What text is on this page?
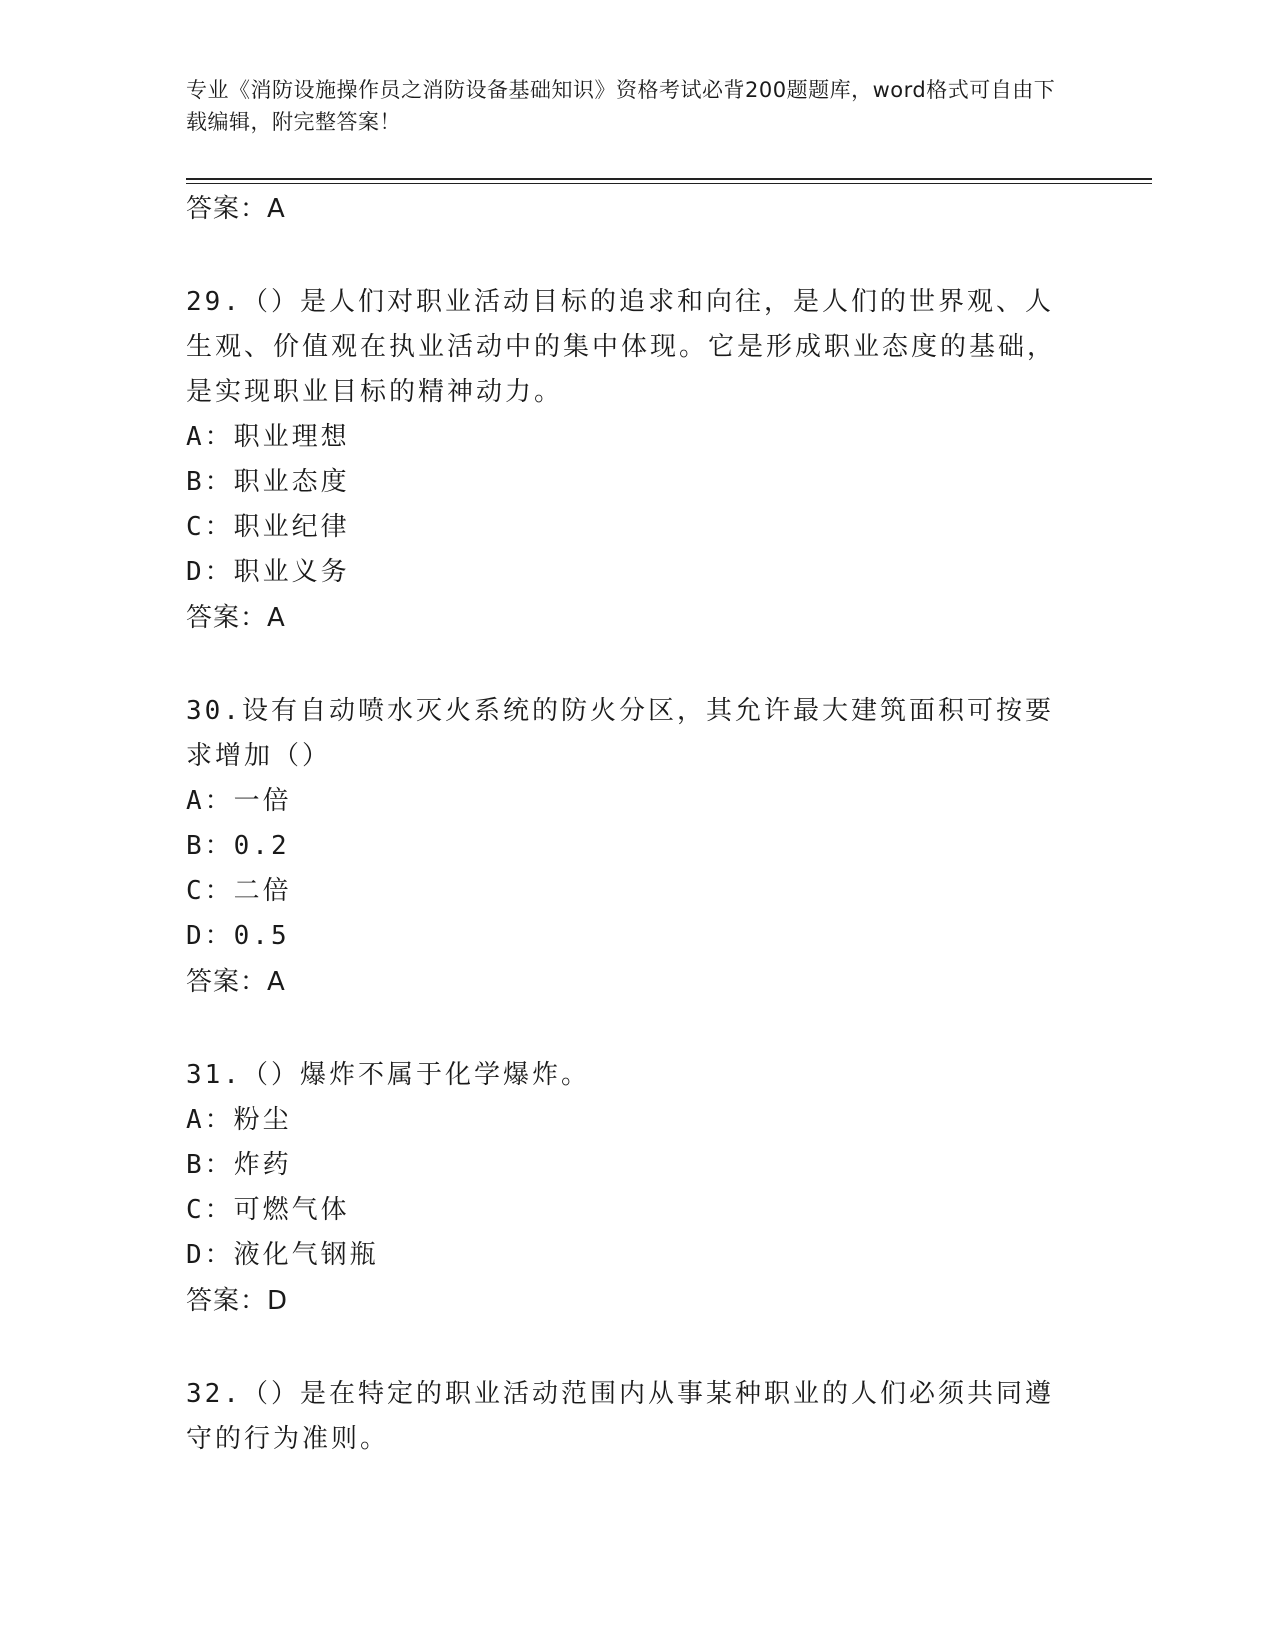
专业《消防设施操作员之消防设备基础知识》资格考试必背200题题库，word格式可自由下载编辑，附完整答案！
答案：A

29.（）是人们对职业活动目标的追求和向往，是人们的世界观、人生观、价值观在执业活动中的集中体现。它是形成职业态度的基础，是实现职业目标的精神动力。

A：职业理想
B：职业态度
C：职业纪律
D：职业义务
答案：A

30.设有自动喷水灭火系统的防火分区，其允许最大建筑面积可按要求增加（）

A：一倍
B：0.2
C：二倍
D：0.5
答案：A

31.（）爆炸不属于化学爆炸。

A：粉尘
B：炸药
C：可燃气体
D：液化气钢瓶
答案：D

32.（）是在特定的职业活动范围内从事某种职业的人们必须共同遵守的行为准则。
